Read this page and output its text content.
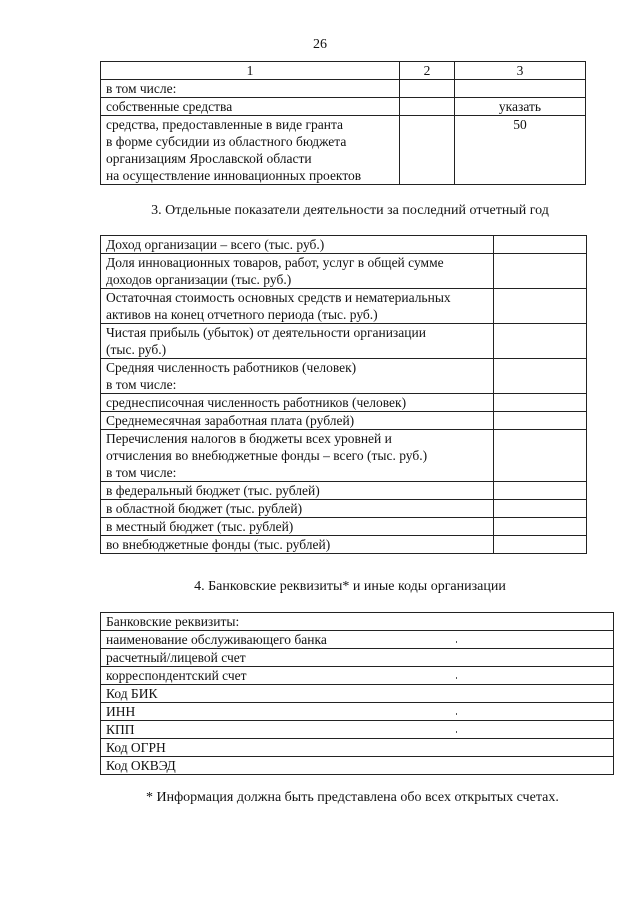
26
1	2	3
в том числе:		
собственные средства		указать

средства, предоставленные в виде гранта
в форме субсидии из областного бюджета
организациям Ярославской области
на осуществление инновационных проектов		50
3. Отдельные показатели деятельности за последний отчетный год
Доход организации – всего (тыс. руб.)	

Доля инновационных товаров, работ, услуг в общей сумме
доходов организации (тыс. руб.)	

Остаточная стоимость основных средств и нематериальных
активов на конец отчетного периода (тыс. руб.)	

Чистая прибыль (убыток) от деятельности организации
(тыс. руб.)	

Средняя численность работников (человек)
в том числе:	

среднесписочная численность работников (человек)	

Среднемесячная заработная плата (рублей)	

Перечисления налогов в бюджеты всех уровней и
отчисления во внебюджетные фонды – всего (тыс. руб.)
в том числе:	

в федеральный бюджет (тыс. рублей)	

в областной бюджет (тыс. рублей)	

в местный бюджет (тыс. рублей)	

во внебюджетные фонды (тыс. рублей)	

4. Банковские реквизиты* и иные коды организации
Банковские реквизиты:
наименование обслуживающего банка

расчетный/лицевой счет
корреспондентский счет

Код БИК
ИНН

КПП

Код ОГРН
Код ОКВЭД
* Информация должна быть представлена обо всех открытых счетах.
